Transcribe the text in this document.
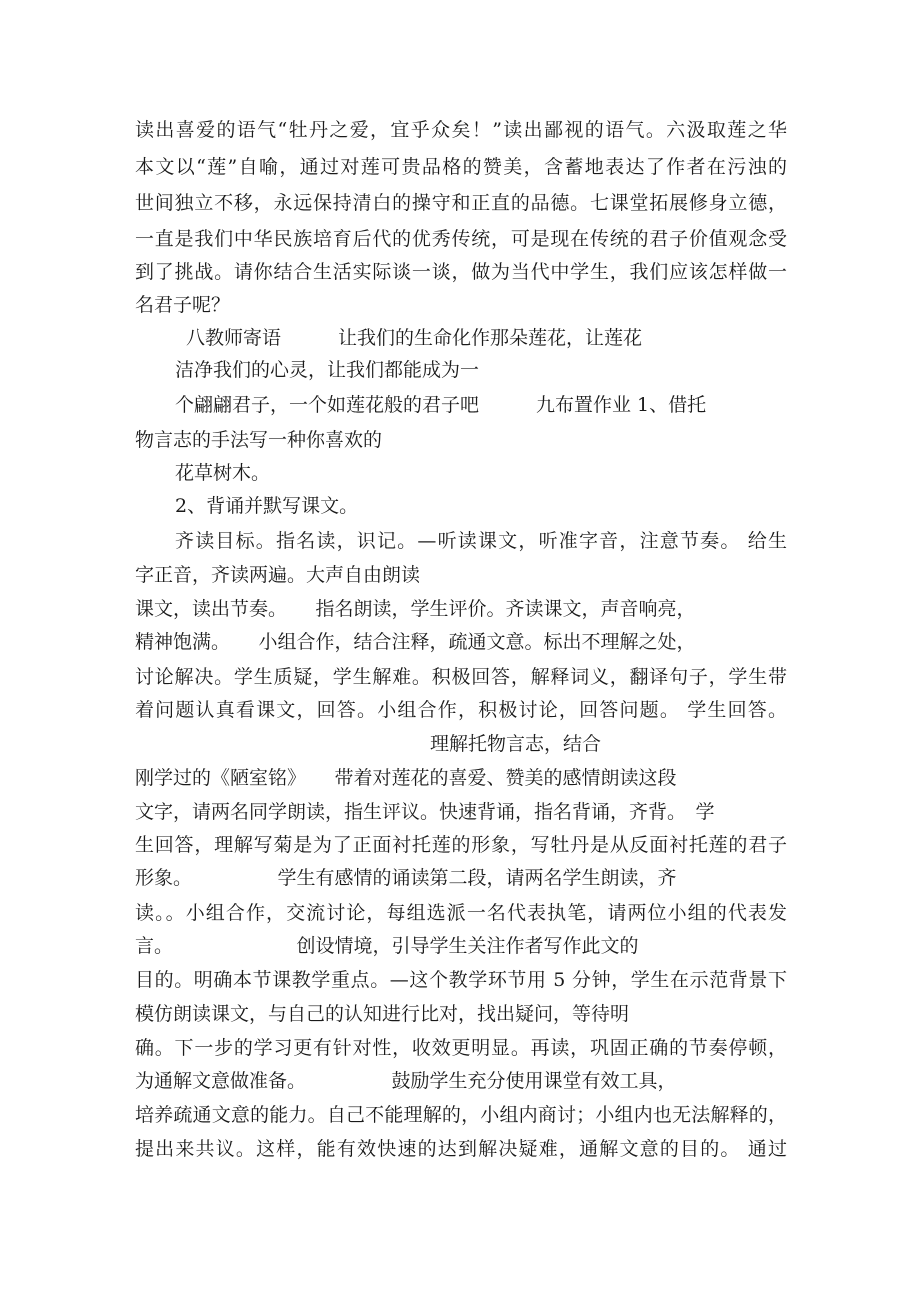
读出喜爱的语气“牡丹之爱，宜乎众矣！”读出鄙视的语气。六汲取莲之华
本文以“莲”自喻，通过对莲可贵品格的赞美，含蓄地表达了作者在污浊的
世间独立不移，永远保持清白的操守和正直的品德。七课堂拓展修身立德，
一直是我们中华民族培育后代的优秀传统，可是现在传统的君子价值观念受
到了挑战。请你结合生活实际谈一谈，做为当代中学生，我们应该怎样做一
名君子呢？
八教师寄语　　　让我们的生命化作那朵莲花，让莲花
洁净我们的心灵，让我们都能成为一
个翩翩君子，一个如莲花般的君子吧　　　九布置作业 1、借托
物言志的手法写一种你喜欢的
花草树木。
2、背诵并默写课文。
齐读目标。指名读，识记。—听读课文，听准字音，注意节奏。 给生
字正音，齐读两遍。大声自由朗读
课文，读出节奏。　　指名朗读，学生评价。齐读课文，声音响亮，
精神饱满。　　小组合作，结合注释，疏通文意。标出不理解之处，
讨论解决。学生质疑，学生解难。积极回答，解释词义，翻译句子，学生带
着问题认真看课文，回答。小组合作，积极讨论，回答问题。 学生回答。
理解托物言志，结合
刚学过的《陋室铭》　　带着对莲花的喜爱、赞美的感情朗读这段
文字，请两名同学朗读，指生评议。快速背诵，指名背诵，齐背。　学
生回答，理解写菊是为了正面衬托莲的形象，写牡丹是从反面衬托莲的君子
形象。　　　　　学生有感情的诵读第二段，请两名学生朗读，齐
读。。小组合作，交流讨论，每组选派一名代表执笔，请两位小组的代表发
言。　　　　　　　创设情境，引导学生关注作者写作此文的
目的。明确本节课教学重点。—这个教学环节用 5 分钟，学生在示范背景下
模仿朗读课文，与自己的认知进行比对，找出疑问，等待明
确。下一步的学习更有针对性，收效更明显。再读，巩固正确的节奏停顿，
为通解文意做准备。　　　　　鼓励学生充分使用课堂有效工具，
培养疏通文意的能力。自己不能理解的，小组内商讨；小组内也无法解释的，
提出来共议。这样，能有效快速的达到解决疑难，通解文意的目的。 通过
